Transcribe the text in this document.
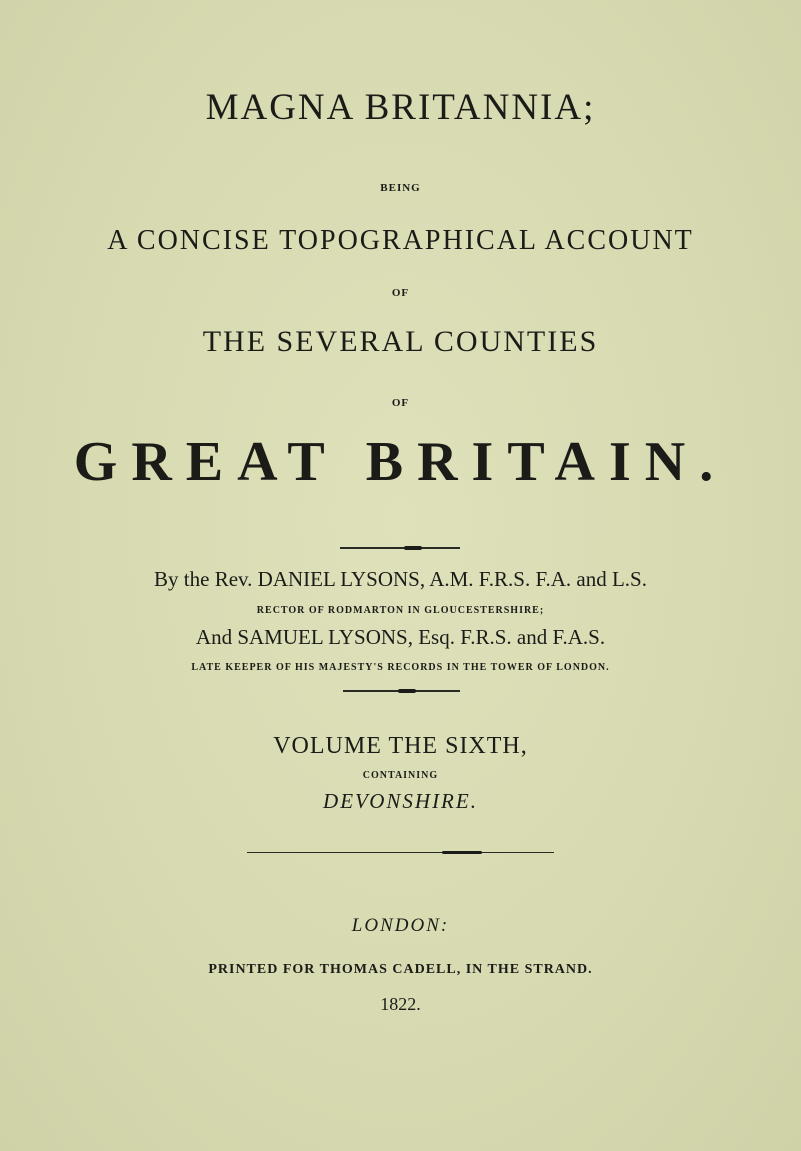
MAGNA BRITANNIA;
BEING
A CONCISE TOPOGRAPHICAL ACCOUNT
OF
THE SEVERAL COUNTIES
OF
GREAT BRITAIN.
By the Rev. DANIEL LYSONS, A.M. F.R.S. F.A. and L.S.
RECTOR OF RODMARTON IN GLOUCESTERSHIRE;
And SAMUEL LYSONS, Esq. F.R.S. and F.A.S.
LATE KEEPER OF HIS MAJESTY'S RECORDS IN THE TOWER OF LONDON.
VOLUME THE SIXTH,
CONTAINING
DEVONSHIRE.
LONDON:
PRINTED FOR THOMAS CADELL, IN THE STRAND.
1822.
